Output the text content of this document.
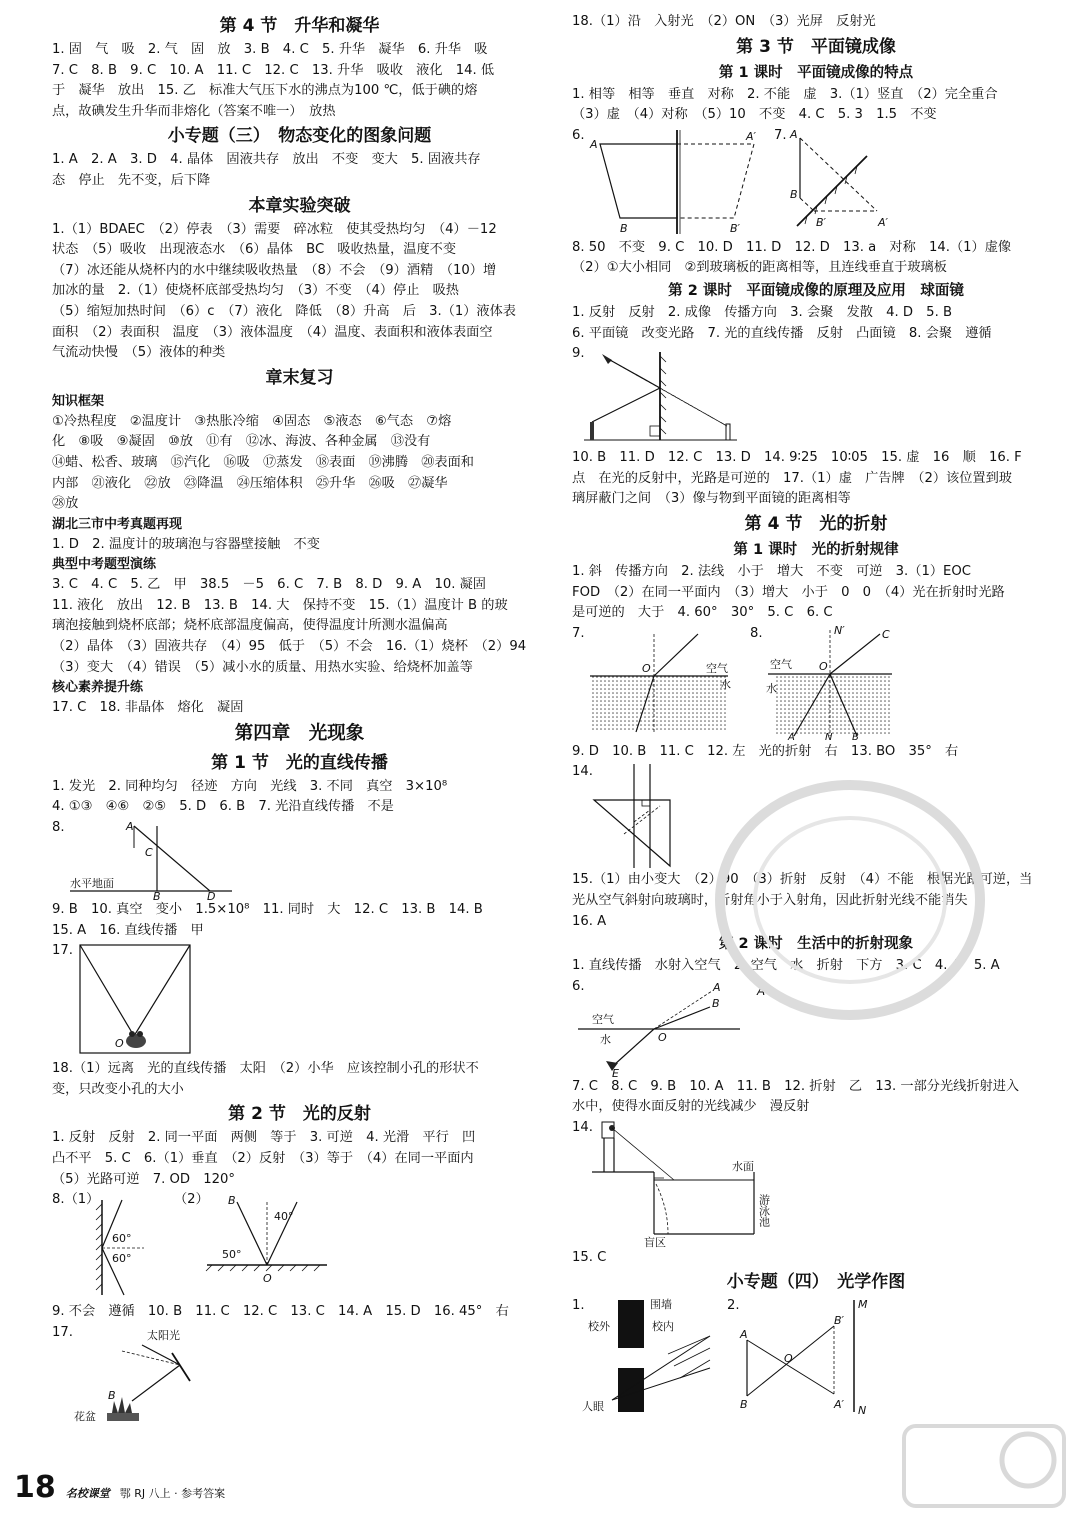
第 4 节　升华和凝华

1. 固　气　吸　2. 气　固　放　3. B　4. C　5. 升华　凝华　6. 升华　吸

7. C　8. B　9. C　10. A　11. C　12. C　13. 升华　吸收　液化　14. 低

于　凝华　放出　15. 乙　标准大气压下水的沸点为100 ℃，低于碘的熔

点，故碘发生升华而非熔化（答案不唯一）　放热

小专题（三）　物态变化的图象问题

1. A　2. A　3. D　4. 晶体　固液共存　放出　不变　变大　5. 固液共存

态　停止　先不变，后下降

本章实验突破

1.（1）BDAEC　（2）停表　（3）需要　碎冰粒　使其受热均匀　（4）－12

状态　（5）吸收　出现液态水　（6）晶体　BC　吸收热量，温度不变

（7）冰还能从烧杯内的水中继续吸收热量　（8）不会　（9）酒精　（10）增

加冰的量　2.（1）使烧杯底部受热均匀　（3）不变　（4）停止　吸热

（5）缩短加热时间　（6）c　（7）液化　降低　（8）升高　后　3.（1）液体表

面积　（2）表面积　温度　（3）液体温度　（4）温度、表面积和液体表面空

气流动快慢　（5）液体的种类

章末复习
知识框架

①冷热程度　②温度计　③热胀冷缩　④固态　⑤液态　⑥气态　⑦熔

化　⑧吸　⑨凝固　⑩放　⑪有　⑫冰、海波、各种金属　⑬没有

⑭蜡、松香、玻璃　⑮汽化　⑯吸　⑰蒸发　⑱表面　⑲沸腾　⑳表面和

内部　㉑液化　㉒放　㉓降温　㉔压缩体积　㉕升华　㉖吸　㉗凝华

㉘放

湖北三市中考真题再现

1. D　2. 温度计的玻璃泡与容器壁接触　不变

典型中考题型演练

3. C　4. C　5. 乙　甲　38.5　－5　6. C　7. B　8. D　9. A　10. 凝固

11. 液化　放出　12. B　13. B　14. 大　保持不变　15.（1）温度计 B 的玻

璃泡接触到烧杯底部；烧杯底部温度偏高，使得温度计所测水温偏高

（2）晶体　（3）固液共存　（4）95　低于　（5）不会　16.（1）烧杯　（2）94

（3）变大　（4）错误　（5）减小水的质量、用热水实验、给烧杯加盖等

核心素养提升练

17. C　18. 非晶体　熔化　凝固

第四章　光现象
第 1 节　光的直线传播

1. 发光　2. 同种均匀　径迹　方向　光线　3. 不同　真空　3×10⁸

4. ①③　④⑥　②⑤　5. D　6. B　7. 光沿直线传播　不是

8.	A
C
B	D
水平地面

9. B　10. 真空　变小　1.5×10⁸　11. 同时　大　12. C　13. B　14. B

15. A　16. 直线传播　甲

17.
O

18.（1）远离　光的直线传播　太阳　（2）小华　应该控制小孔的形状不

变，只改变小孔的大小

第 2 节　光的反射

1. 反射　反射　2. 同一平面　两侧　等于　3. 可逆　4. 光滑　平行　凹

凸不平　5. C　6.（1）垂直　（2）反射　（3）等于　（4）在同一平面内

（5）光路可逆　7. OD　120°

8.（1）	（2）
60°
60°
B
40°
50°
O

9. 不会　遵循　10. B　11. C　12. C　13. C　14. A　15. D　16. 45°　右

17.	太阳光
B
花盆

18.（1）沿　入射光　（2）ON　（3）光屏　反射光

第 3 节　平面镜成像
第 1 课时　平面镜成像的特点

1. 相等　相等　垂直　对称　2. 不能　虚　3.（1）竖直　（2）完全重合

（3）虚　（4）对称　（5）10　不变　4. C　5. 3　1.5　不变

6.	7.
A
A′
B	B′
A
B
B′	A′

8. 50　不变　9. C　10. D　11. D　12. D　13. a　对称　14.（1）虚像

（2）①大小相同　②到玻璃板的距离相等，且连线垂直于玻璃板

第 2 课时　平面镜成像的原理及应用　球面镜

1. 反射　反射　2. 成像　传播方向　3. 会聚　发散　4. D　5. B

6. 平面镜　改变光路　7. 光的直线传播　反射　凸面镜　8. 会聚　遵循

9.

10. B　11. D　12. C　13. D　14. 9∶25　10∶05　15. 虚　16　顺　16. F

点　在光的反射中，光路是可逆的　17.（1）虚　广告牌　（2）该位置到玻

璃屏蔽门之间　（3）像与物到平面镜的距离相等

第 4 节　光的折射
第 1 课时　光的折射规律

1. 斜　传播方向　2. 法线　小于　增大　不变　可逆　3.（1）EOC

FOD　（2）在同一平面内　（3）增大　小于　0　0　（4）光在折射时光路

是可逆的　大于　4. 60°　30°　5. C　6. C

7.	8.
O	空气
水
N′	C
空气 O
水
A	B
N

9. D　10. B　11. C　12. 左　光的折射　右　13. BO　35°　右

14.

15.（1）由小变大　（2）90　（3）折射　反射　（4）不能　根据光路可逆，当

光从空气斜射向玻璃时，折射角小于入射角，因此折射光线不能消失

16. A

第 2 课时　生活中的折射现象

1. 直线传播　水射入空气　2. 空气　水　折射　下方　3. C　4. A　5. A

6.	A	A
B
空气
水	O
E

7. C　8. C　9. B　10. A　11. B　12. 折射　乙　13. 一部分光线折射进入

水中，使得水面反射的光线减少　漫反射

14.
水面
游泳池
盲区

15. C

小专题（四）　光学作图
1.	2.
围墙
校外	校内
人眼
M
N
A
B′
O
B	A′
18 名校课堂 鄂 RJ 八上 · 参考答案
